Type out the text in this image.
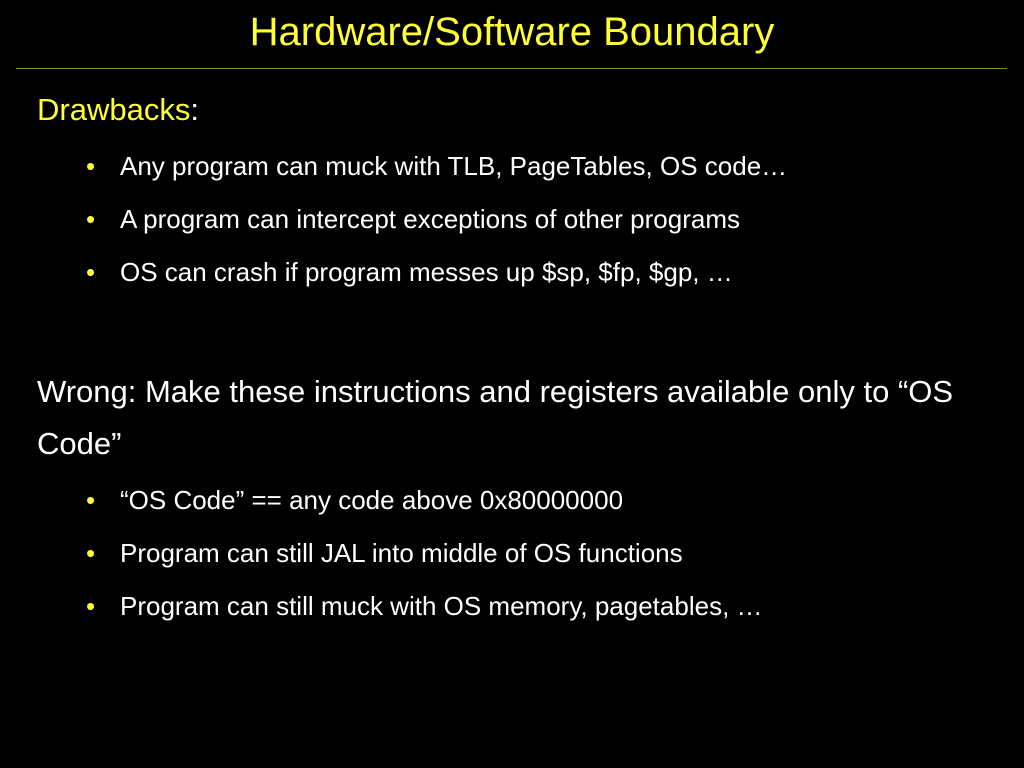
Hardware/Software Boundary
Drawbacks:
• Any program can muck with TLB, PageTables, OS code…
• A program can intercept exceptions of other programs
• OS can crash if program messes up $sp, $fp, $gp, …
Wrong: Make these instructions and registers available only to “OS Code”
• “OS Code” == any code above 0x80000000
• Program can still JAL into middle of OS functions
• Program can still muck with OS memory, pagetables, …
